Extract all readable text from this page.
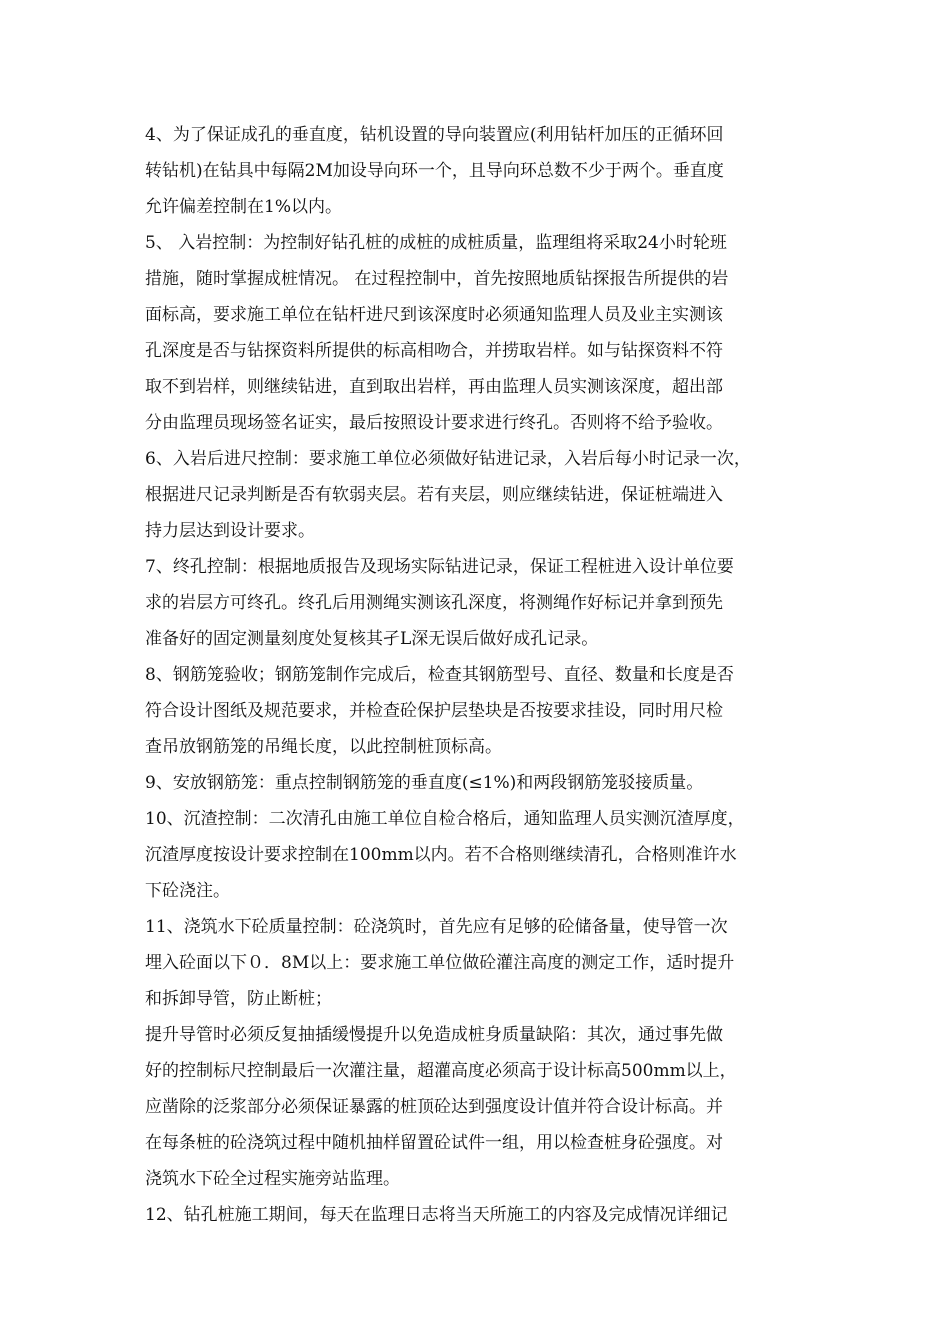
4、为了保证成孔的垂直度，钻机设置的导向装置应(利用钻杆加压的正循环回
转钻机)在钻具中每隔2M加设导向环一个，且导向环总数不少于两个。垂直度
允许偏差控制在1%以内。
5、 入岩控制：为控制好钻孔桩的成桩的成桩质量，监理组将采取24小时轮班
措施，随时掌握成桩情况。 在过程控制中，首先按照地质钻探报告所提供的岩
面标高，要求施工单位在钻杆进尺到该深度时必须通知监理人员及业主实测该
孔深度是否与钻探资料所提供的标高相吻合，并捞取岩样。如与钻探资料不符
取不到岩样，则继续钻进，直到取出岩样，再由监理人员实测该深度，超出部
分由监理员现场签名证实，最后按照设计要求进行终孔。否则将不给予验收。
6、入岩后进尺控制：要求施工单位必须做好钻进记录，入岩后每小时记录一次，
根据进尺记录判断是否有软弱夹层。若有夹层，则应继续钻进，保证桩端进入
持力层达到设计要求。
7、终孔控制：根据地质报告及现场实际钻进记录，保证工程桩进入设计单位要
求的岩层方可终孔。终孔后用测绳实测该孔深度，将测绳作好标记并拿到预先
准备好的固定测量刻度处复核其孑L深无误后做好成孔记录。
8、钢筋笼验收；钢筋笼制作完成后，检查其钢筋型号、直径、数量和长度是否
符合设计图纸及规范要求，并检查砼保护层垫块是否按要求挂设，同时用尺检
查吊放钢筋笼的吊绳长度，以此控制桩顶标高。
9、安放钢筋笼：重点控制钢筋笼的垂直度(≤1%)和两段钢筋笼驳接质量。
10、沉渣控制：二次清孔由施工单位自检合格后，通知监理人员实测沉渣厚度，
沉渣厚度按设计要求控制在100mm以内。若不合格则继续清孔，合格则准许水
下砼浇注。
11、浇筑水下砼质量控制：砼浇筑时，首先应有足够的砼储备量，使导管一次
埋入砼面以下０．8M以上：要求施工单位做砼灌注高度的测定工作，适时提升
和拆卸导管，防止断桩；
提升导管时必须反复抽插缓慢提升以免造成桩身质量缺陷：其次，通过事先做
好的控制标尺控制最后一次灌注量，超灌高度必须高于设计标高500mm以上，
应凿除的泛浆部分必须保证暴露的桩顶砼达到强度设计值并符合设计标高。并
在每条桩的砼浇筑过程中随机抽样留置砼试件一组，用以检查桩身砼强度。对
浇筑水下砼全过程实施旁站监理。
12、钻孔桩施工期间，每天在监理日志将当天所施工的内容及完成情况详细记
